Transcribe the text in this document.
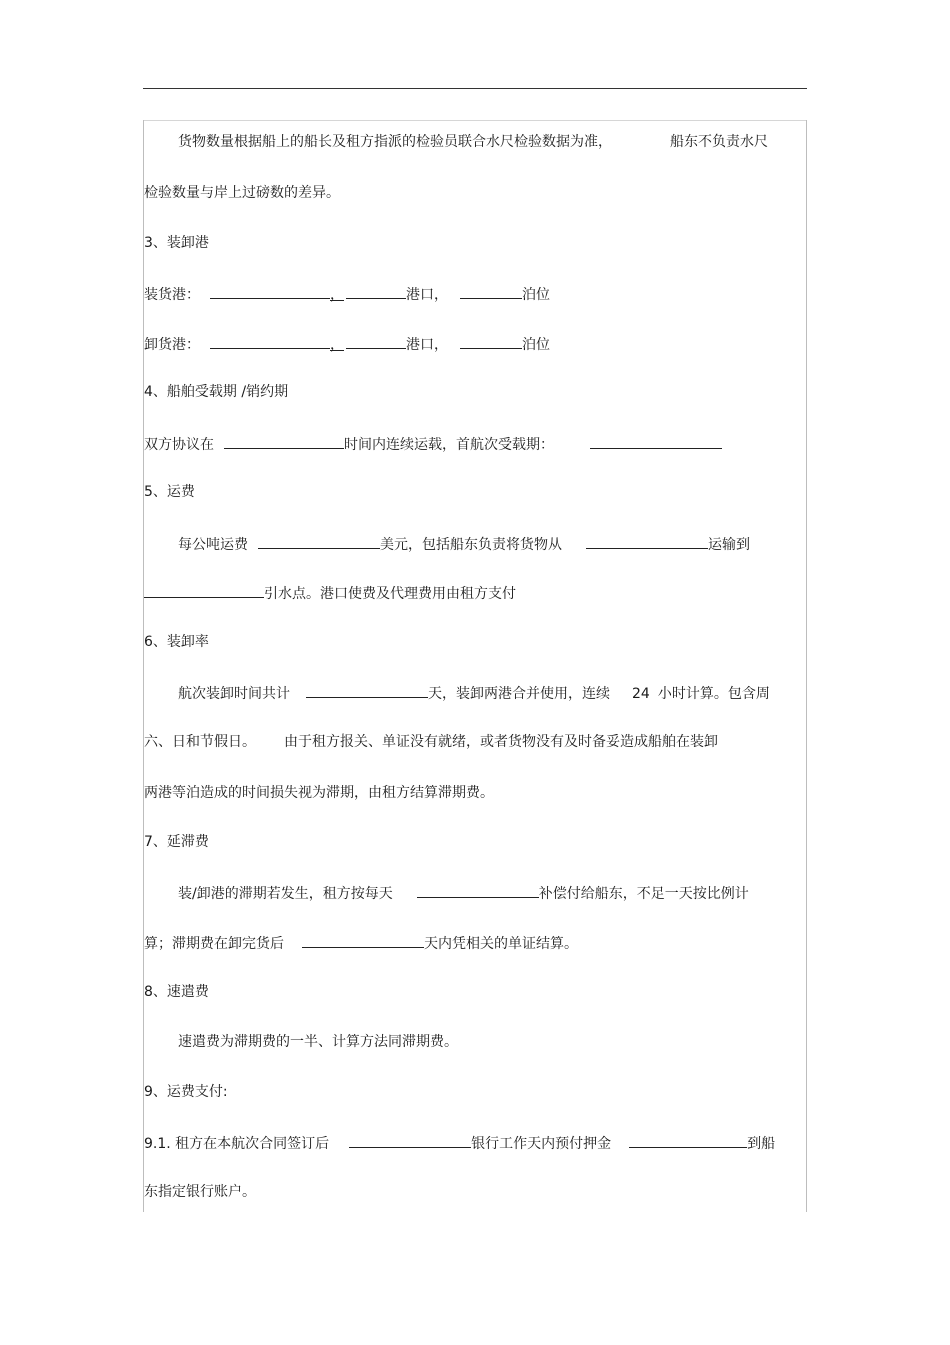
货物数量根据船上的船长及租方指派的检验员联合水尺检验数据为准，	船东不负责水尺
检验数量与岸上过磅数的差异。
3、装卸港
装货港：	，	港口，	泊位
卸货港：	，	港口，	泊位
4、船舶受载期 /销约期
双方协议在	时间内连续运载，首航次受载期：
5、运费
每公吨运费	美元，包括船东负责将货物从	运输到
引水点。港口使费及代理费用由租方支付
6、装卸率
航次装卸时间共计	天，装卸两港合并使用，连续 24 小时计算。包含周
六、日和节假日。 由于租方报关、单证没有就绪，或者货物没有及时备妥造成船舶在装卸
两港等泊造成的时间损失视为滞期，由租方结算滞期费。
7、延滞费
装/卸港的滞期若发生，租方按每天	补偿付给船东，不足一天按比例计
算；滞期费在卸完货后	天内凭相关的单证结算。
8、速遣费
速遣费为滞期费的一半、计算方法同滞期费。
9、运费支付:
9.1. 租方在本航次合同签订后	银行工作天内预付押金	到船
东指定银行账户。
